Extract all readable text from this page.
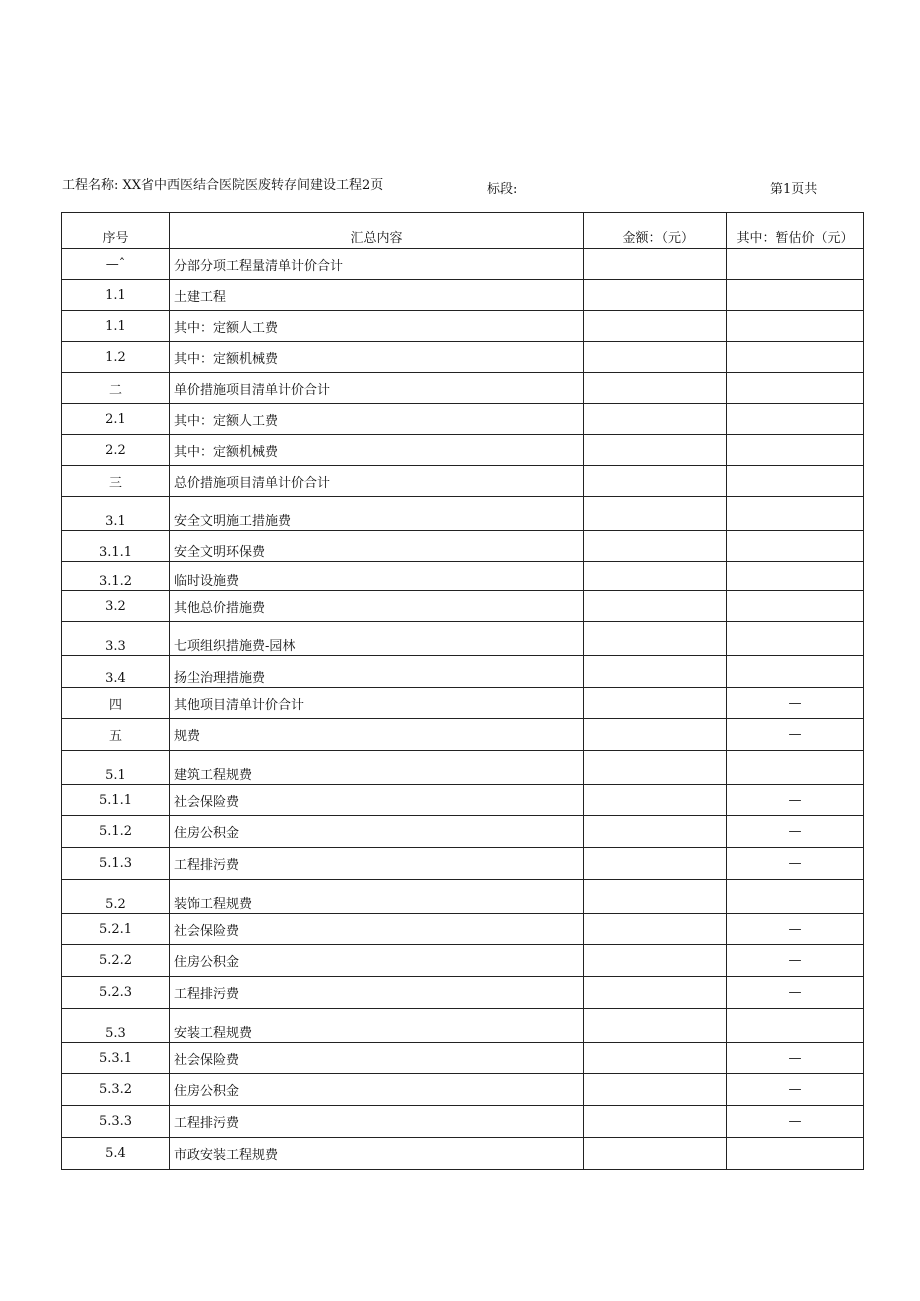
工程名称: XX省中西医结合医院医废转存间建设工程2页	标段:	第1页共
序号	汇总内容	金额：（元）	其中：暂估价（元）
—ˆ	分部分项工程量清单计价合计		
1.1	土建工程		
1.1	其中：定额人工费		
1.2	其中：定额机械费		
二	单价措施项目清单计价合计		
2.1	其中：定额人工费		
2.2	其中：定额机械费		
三	总价措施项目清单计价合计		
3.1	安全文明施工措施费		
3.1.1	安全文明环保费		
3.1.2	临时设施费		
3.2	其他总价措施费		
3.3	七项组织措施费-园林		
3.4	扬尘治理措施费		
四	其他项目清单计价合计		—
五	规费		—
5.1	建筑工程规费		
5.1.1	社会保险费		—
5.1.2	住房公积金		—
5.1.3	工程排污费		—
5.2	装饰工程规费		
5.2.1	社会保险费		—
5.2.2	住房公积金		—
5.2.3	工程排污费		—
5.3	安装工程规费		
5.3.1	社会保险费		—
5.3.2	住房公积金		—
5.3.3	工程排污费		—
5.4	市政安装工程规费		
